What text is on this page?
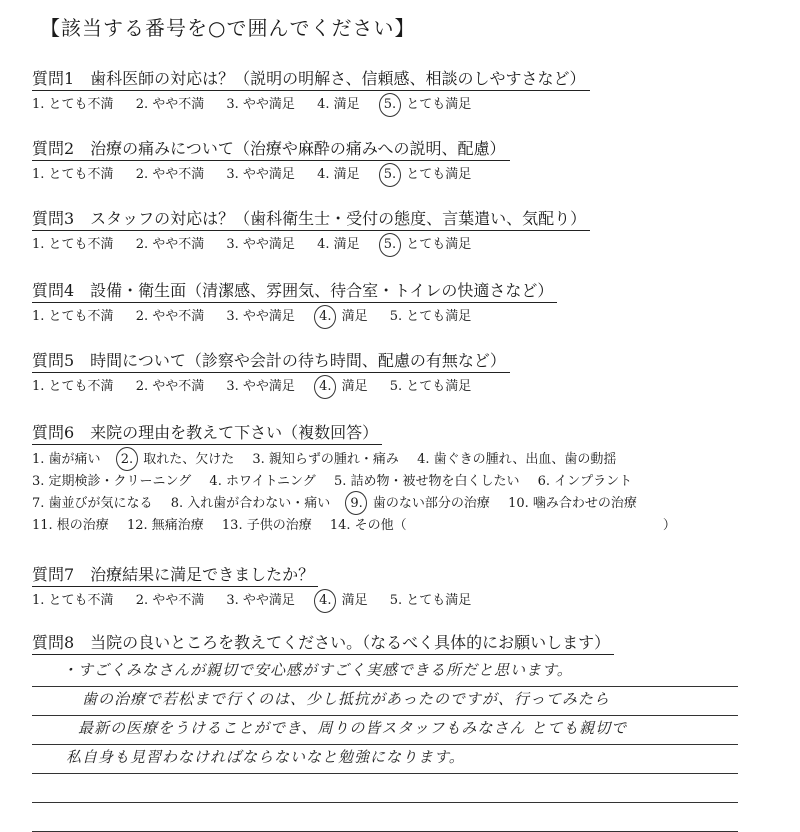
【該当する番号を○で囲んでください】
質問1　歯科医師の対応は？（説明の明解さ、信頼感、相談のしやすさなど）
1. とても不満 2. やや不満 3. やや満足 4. 満足 5. とても満足
質問2　治療の痛みについて（治療や麻酔の痛みへの説明、配慮）
1. とても不満 2. やや不満 3. やや満足 4. 満足 5. とても満足
質問3　スタッフの対応は？（歯科衛生士・受付の態度、言葉遣い、気配り）
1. とても不満 2. やや不満 3. やや満足 4. 満足 5. とても満足
質問4　設備・衛生面（清潔感、雰囲気、待合室・トイレの快適さなど）
1. とても不満 2. やや不満 3. やや満足 4. 満足 5. とても満足
質問5　時間について（診察や会計の待ち時間、配慮の有無など）
1. とても不満 2. やや不満 3. やや満足 4. 満足 5. とても満足
質問6　来院の理由を教えて下さい（複数回答）
1. 歯が痛い 2. 取れた、欠けた 3. 親知らずの腫れ・痛み 4. 歯ぐきの腫れ、出血、歯の動揺
3. 定期検診・クリーニング 4. ホワイトニング 5. 詰め物・被せ物を白くしたい 6. インプラント
7. 歯並びが気になる 8. 入れ歯が合わない・痛い 9. 歯のない部分の治療 10. 噛み合わせの治療
11. 根の治療 12. 無痛治療 13. 子供の治療 14. その他（	）
質問7　治療結果に満足できましたか？
1. とても不満 2. やや不満 3. やや満足 4. 満足 5. とても満足
質問8　当院の良いところを教えてください。（なるべく具体的にお願いします）
・すごくみなさんが親切で安心感がすごく実感できる所だと思います。
歯の治療で若松まで行くのは、少し抵抗があったのですが、行ってみたら
最新の医療をうけることができ、周りの皆スタッフもみなさん とても親切で
私自身も見習わなければならないなと勉強になります。
